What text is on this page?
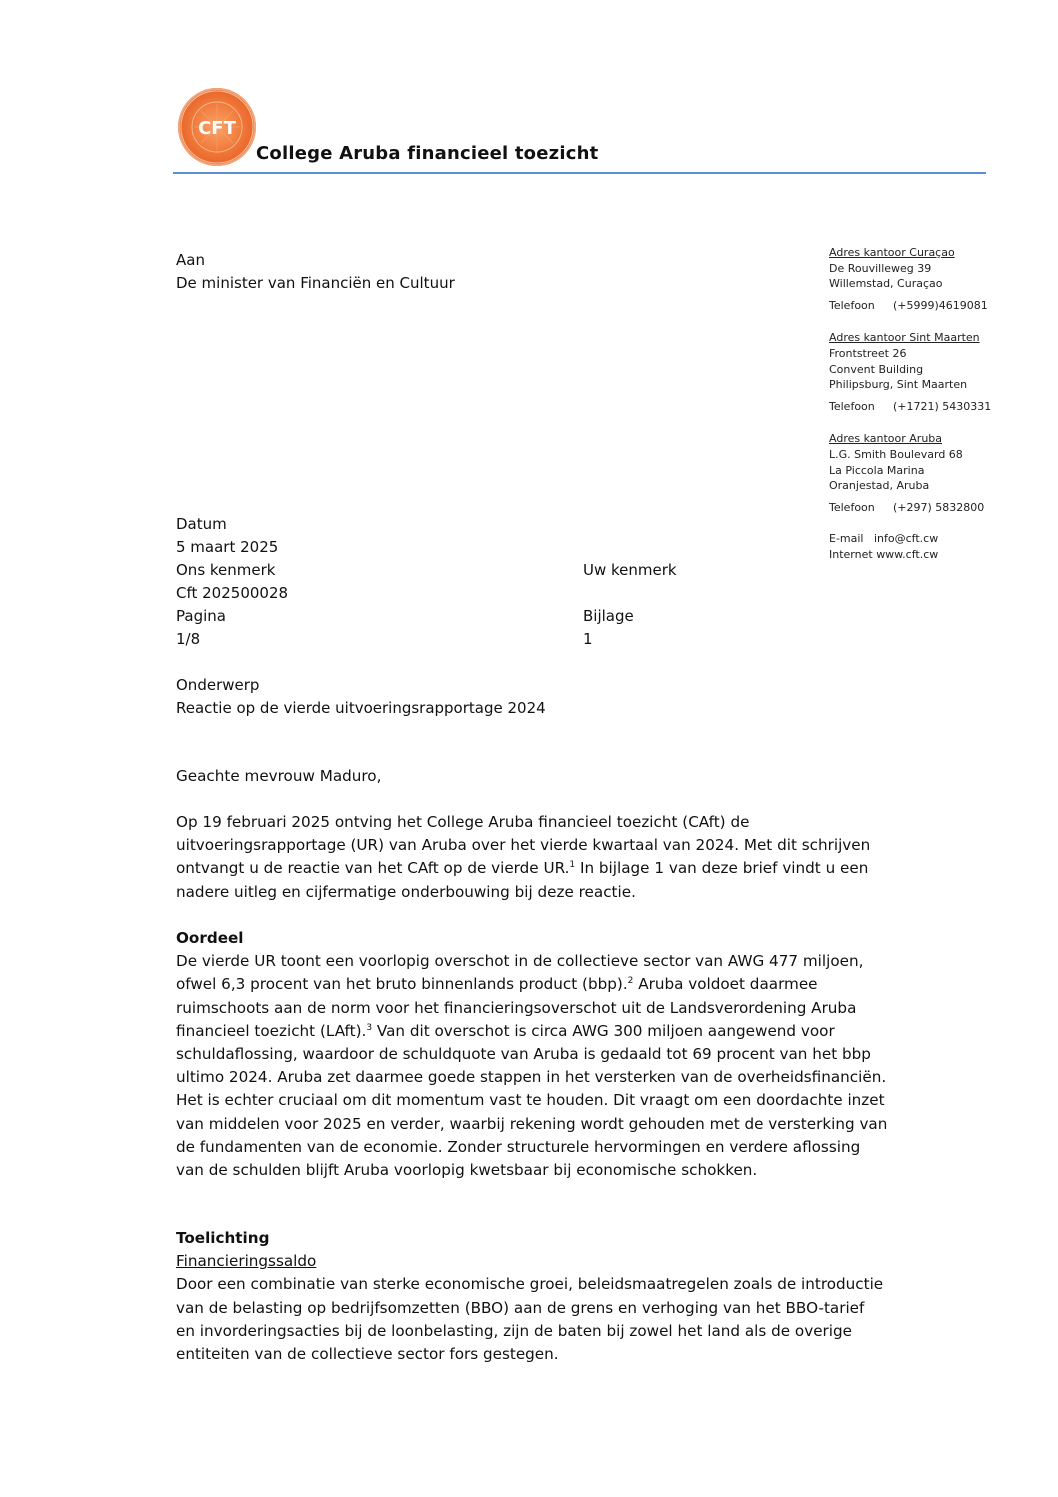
CFT
College Aruba financieel toezicht
Aan
De minister van Financiën en Cultuur
Adres kantoor Curaçao
De Rouvilleweg 39
Willemstad, Curaçao
Telefoon (+5999)4619081
Adres kantoor Sint Maarten
Frontstreet 26
Convent Building
Philipsburg, Sint Maarten
Telefoon (+1721) 5430331
Adres kantoor Aruba
L.G. Smith Boulevard 68
La Piccola Marina
Oranjestad, Aruba
Telefoon (+297) 5832800
E-mail info@cft.cw
Internet www.cft.cw
Datum
5 maart 2025
Ons kenmerk
Cft 202500028
Pagina
1/8
Onderwerp
Reactie op de vierde uitvoeringsrapportage 2024
Uw kenmerk
Bijlage
1
Geachte mevrouw Maduro,

Op 19 februari 2025 ontving het College Aruba financieel toezicht (CAft) de uitvoeringsrapportage (UR) van Aruba over het vierde kwartaal van 2024. Met dit schrijven ontvangt u de reactie van het CAft op de vierde UR.$^1$ In bijlage 1 van deze brief vindt u een nadere uitleg en cijfermatige onderbouwing bij deze reactie.

Oordeel

De vierde UR toont een voorlopig overschot in de collectieve sector van AWG 477 miljoen, ofwel 6,3 procent van het bruto binnenlands product (bbp).$^2$ Aruba voldoet daarmee ruimschoots aan de norm voor het financieringsoverschot uit de Landsverordening Aruba financieel toezicht (LAft).$^3$ Van dit overschot is circa AWG 300 miljoen aangewend voor schuldaflossing, waardoor de schuldquote van Aruba is gedaald tot 69 procent van het bbp ultimo 2024. Aruba zet daarmee goede stappen in het versterken van de overheidsfinanciën. Het is echter cruciaal om dit momentum vast te houden. Dit vraagt om een doordachte inzet van middelen voor 2025 en verder, waarbij rekening wordt gehouden met de versterking van de fundamenten van de economie. Zonder structurele hervormingen en verdere aflossing van de schulden blijft Aruba voorlopig kwetsbaar bij economische schokken.

Toelichting
Financieringssaldo

Door een combinatie van sterke economische groei, beleidsmaatregelen zoals de introductie van de belasting op bedrijfsomzetten (BBO) aan de grens en verhoging van het BBO-tarief en invorderingsacties bij de loonbelasting, zijn de baten bij zowel het land als de overige entiteiten van de collectieve sector fors gestegen.
